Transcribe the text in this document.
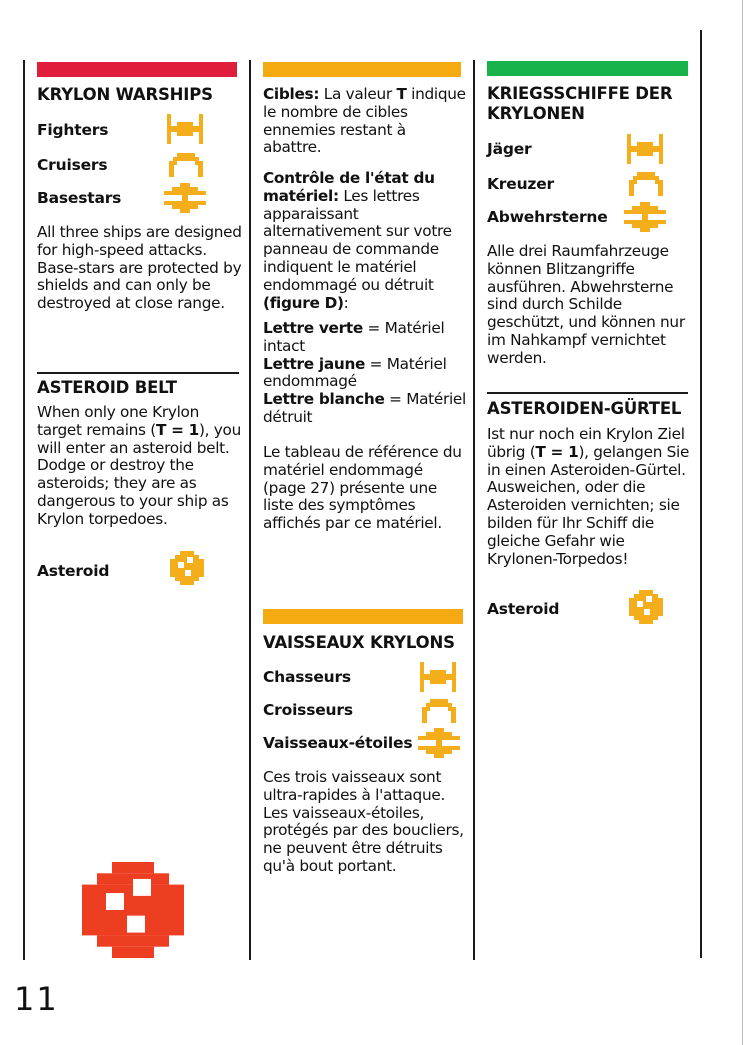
KRYLON WARSHIPS
Fighters
Cruisers
Basestars

All three ships are designed for high-speed attacks. Base-stars are protected by shields and can only be destroyed at close range.

ASTEROID BELT

When only one Krylon target remains (T = 1), you will enter an asteroid belt. Dodge or destroy the asteroids; they are as dangerous to your ship as Krylon torpedoes.

Asteroid

Cibles: La valeur T indique le nombre de cibles ennemies restant à abattre.

Contrôle de l'état du matériel: Les lettres apparaissant alternativement sur votre panneau de commande indiquent le matériel endommagé ou détruit (figure D):

Lettre verte = Matériel intact
Lettre jaune = Matériel endommagé
Lettre blanche = Matériel détruit

Le tableau de référence du matériel endommagé (page 27) présente une liste des symptômes affichés par ce matériel.

VAISSEAUX KRYLONS
Chasseurs
Croisseurs
Vaisseaux-étoiles

Ces trois vaisseaux sont ultra-rapides à l'attaque. Les vaisseaux-étoiles, protégés par des boucliers, ne peuvent être détruits qu'à bout portant.

KRIEGSSCHIFFE DER KRYLONEN
Jäger
Kreuzer
Abwehrsterne

Alle drei Raumfahrzeuge können Blitzangriffe ausführen. Abwehrsterne sind durch Schilde geschützt, und können nur im Nahkampf vernichtet werden.

ASTEROIDEN-GÜRTEL

Ist nur noch ein Krylon Ziel übrig (T = 1), gelangen Sie in einen Asteroiden-Gürtel. Ausweichen, oder die Asteroiden vernichten; sie bilden für Ihr Schiff die gleiche Gefahr wie Krylonen-Torpedos!

Asteroid
11
